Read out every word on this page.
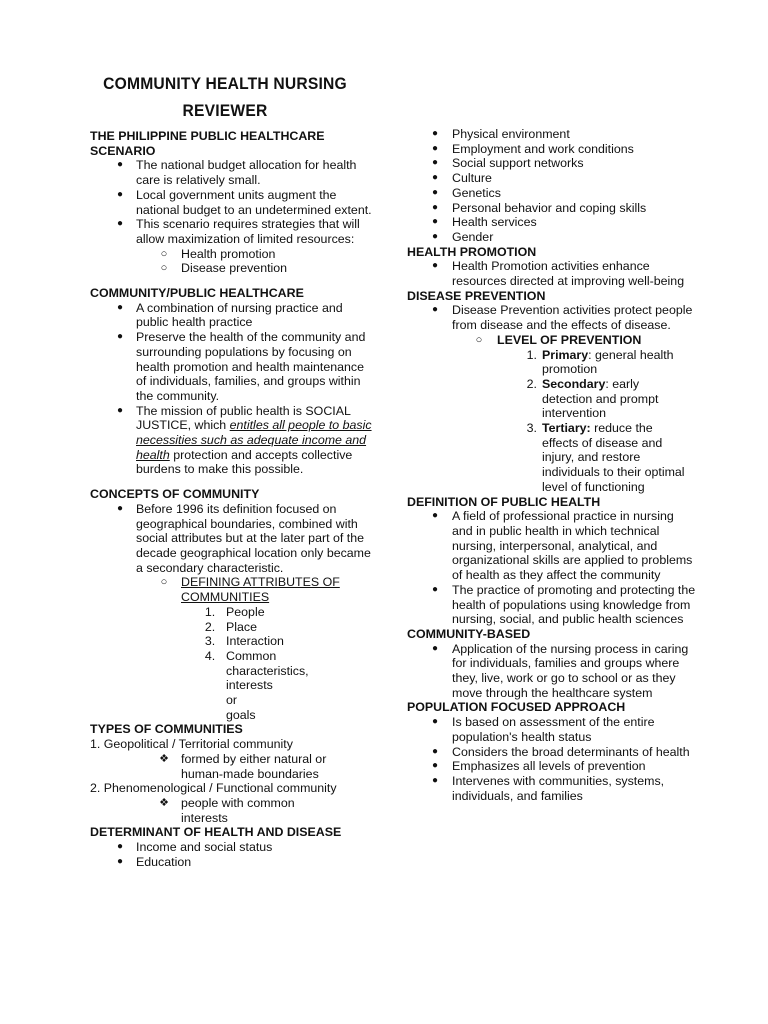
COMMUNITY HEALTH NURSING
REVIEWER
THE PHILIPPINE PUBLIC HEALTHCARE SCENARIO
●	The national budget allocation for health care is relatively small.
●	Local government units augment the national budget to an undetermined extent.
●	This scenario requires strategies that will allow maximization of limited resources:
○	Health promotion
○	Disease prevention
COMMUNITY/PUBLIC HEALTHCARE
●	A combination of nursing practice and public health practice
●	Preserve the health of the community and surrounding populations by focusing on health promotion and health maintenance of individuals, families, and groups within the community.
●	The mission of public health is SOCIAL JUSTICE, which entitles all people to basic necessities such as adequate income and health protection and accepts collective burdens to make this possible.
CONCEPTS OF COMMUNITY
●	Before 1996 its definition focused on geographical boundaries, combined with social attributes but at the later part of the decade geographical location only became a secondary characteristic.
○	DEFINING ATTRIBUTES OF COMMUNITIES
1. People
2. Place
3. Interaction
4. Common characteristics, interests or goals
TYPES OF COMMUNITIES
1. Geopolitical / Territorial community
❖ formed by either natural or human-made boundaries
2. Phenomenological / Functional community
❖ people with common interests
DETERMINANT OF HEALTH AND DISEASE
●	Income and social status
●	Education
●	Physical environment
●	Employment and work conditions
●	Social support networks
●	Culture
●	Genetics
●	Personal behavior and coping skills
●	Health services
●	Gender
HEALTH PROMOTION
●	Health Promotion activities enhance resources directed at improving well-being
DISEASE PREVENTION
●	Disease Prevention activities protect people from disease and the effects of disease.
○	LEVEL OF PREVENTION
1. Primary: general health promotion
2. Secondary: early detection and prompt intervention
3. Tertiary: reduce the effects of disease and injury, and restore individuals to their optimal level of functioning
DEFINITION OF PUBLIC HEALTH
●	A field of professional practice in nursing and in public health in which technical nursing, interpersonal, analytical, and organizational skills are applied to problems of health as they affect the community
●	The practice of promoting and protecting the health of populations using knowledge from nursing, social, and public health sciences
COMMUNITY-BASED
●	Application of the nursing process in caring for individuals, families and groups where they, live, work or go to school or as they move through the healthcare system
POPULATION FOCUSED APPROACH
●	Is based on assessment of the entire population's health status
●	Considers the broad determinants of health
●	Emphasizes all levels of prevention
●	Intervenes with communities, systems, individuals, and families
